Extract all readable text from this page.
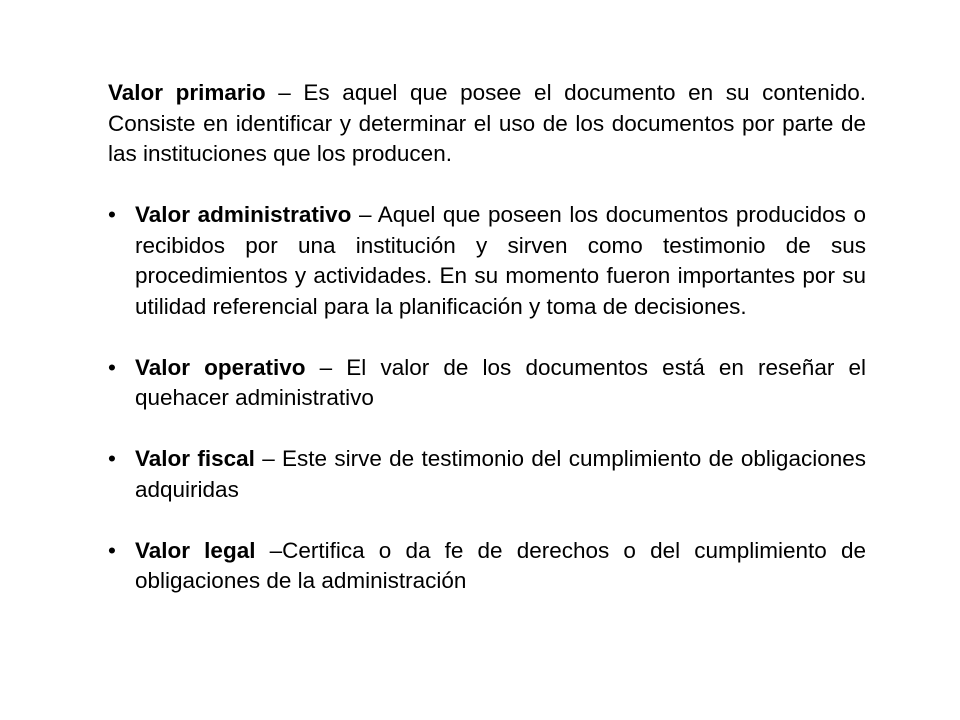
Valor primario – Es aquel que posee el documento en su contenido. Consiste en identificar y determinar el uso de los documentos por parte de las instituciones que los producen.

• Valor administrativo – Aquel que poseen los documentos producidos o recibidos por una institución y sirven como testimonio de sus procedimientos y actividades. En su momento fueron importantes por su utilidad referencial para la planificación y toma de decisiones.
• Valor operativo – El valor de los documentos está en reseñar el quehacer administrativo
• Valor fiscal – Este sirve de testimonio del cumplimiento de obligaciones adquiridas
• Valor legal –Certifica o da fe de derechos o del cumplimiento de obligaciones de la administración
